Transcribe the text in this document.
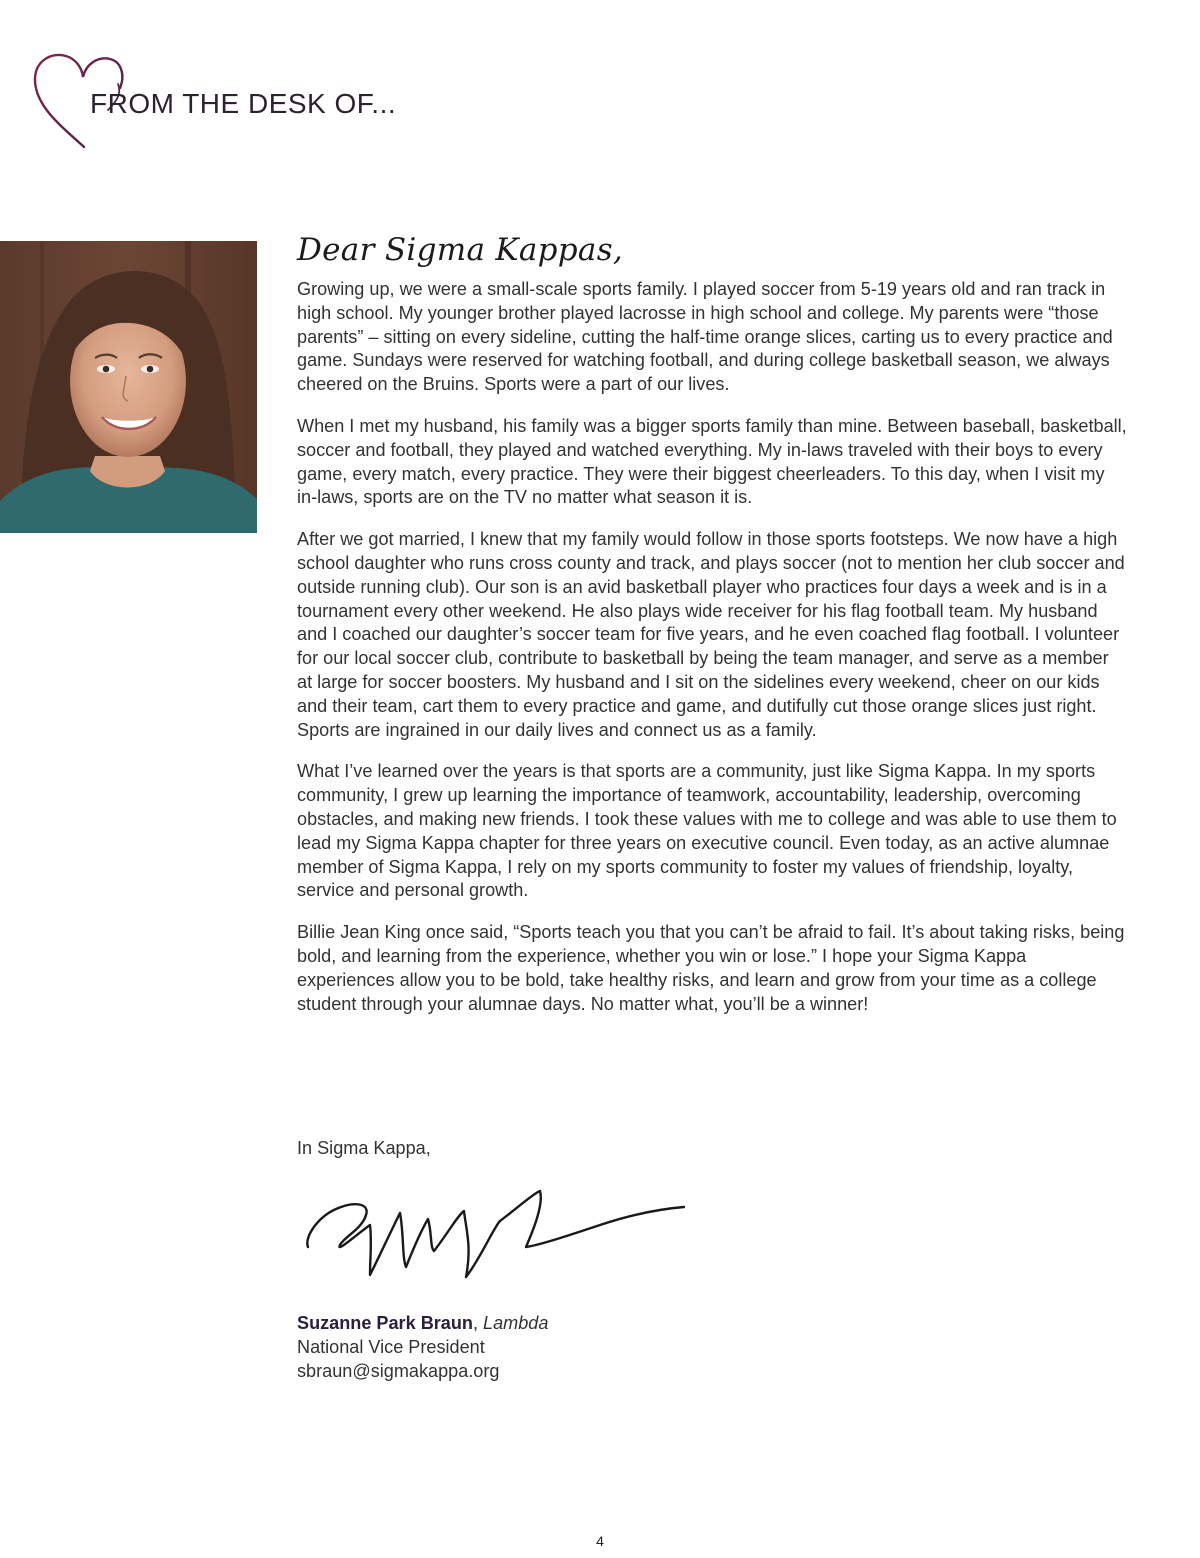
FROM THE DESK OF...
Dear Sigma Kappas,

Growing up, we were a small-scale sports family. I played soccer from 5-19 years old and ran track in high school. My younger brother played lacrosse in high school and college. My parents were “those parents” – sitting on every sideline, cutting the half-time orange slices, carting us to every practice and game. Sundays were reserved for watching football, and during college basketball season, we always cheered on the Bruins. Sports were a part of our lives.

When I met my husband, his family was a bigger sports family than mine. Between baseball, basketball, soccer and football, they played and watched everything. My in-laws traveled with their boys to every game, every match, every practice. They were their biggest cheerleaders. To this day, when I visit my in-laws, sports are on the TV no matter what season it is.

After we got married, I knew that my family would follow in those sports footsteps. We now have a high school daughter who runs cross county and track, and plays soccer (not to mention her club soccer and outside running club). Our son is an avid basketball player who practices four days a week and is in a tournament every other weekend. He also plays wide receiver for his flag football team. My husband and I coached our daughter’s soccer team for five years, and he even coached flag football. I volunteer for our local soccer club, contribute to basketball by being the team manager, and serve as a member at large for soccer boosters. My husband and I sit on the sidelines every weekend, cheer on our kids and their team, cart them to every practice and game, and dutifully cut those orange slices just right. Sports are ingrained in our daily lives and connect us as a family.

What I’ve learned over the years is that sports are a community, just like Sigma Kappa. In my sports community, I grew up learning the importance of teamwork, accountability, leadership, overcoming obstacles, and making new friends. I took these values with me to college and was able to use them to lead my Sigma Kappa chapter for three years on executive council. Even today, as an active alumnae member of Sigma Kappa, I rely on my sports community to foster my values of friendship, loyalty, service and personal growth.

Billie Jean King once said, “Sports teach you that you can’t be afraid to fail. It’s about taking risks, being bold, and learning from the experience, whether you win or lose.” I hope your Sigma Kappa experiences allow you to be bold, take healthy risks, and learn and grow from your time as a college student through your alumnae days. No matter what, you’ll be a winner!

In Sigma Kappa,
Suzanne Park Braun, Lambda
National Vice President
sbraun@sigmakappa.org
4
